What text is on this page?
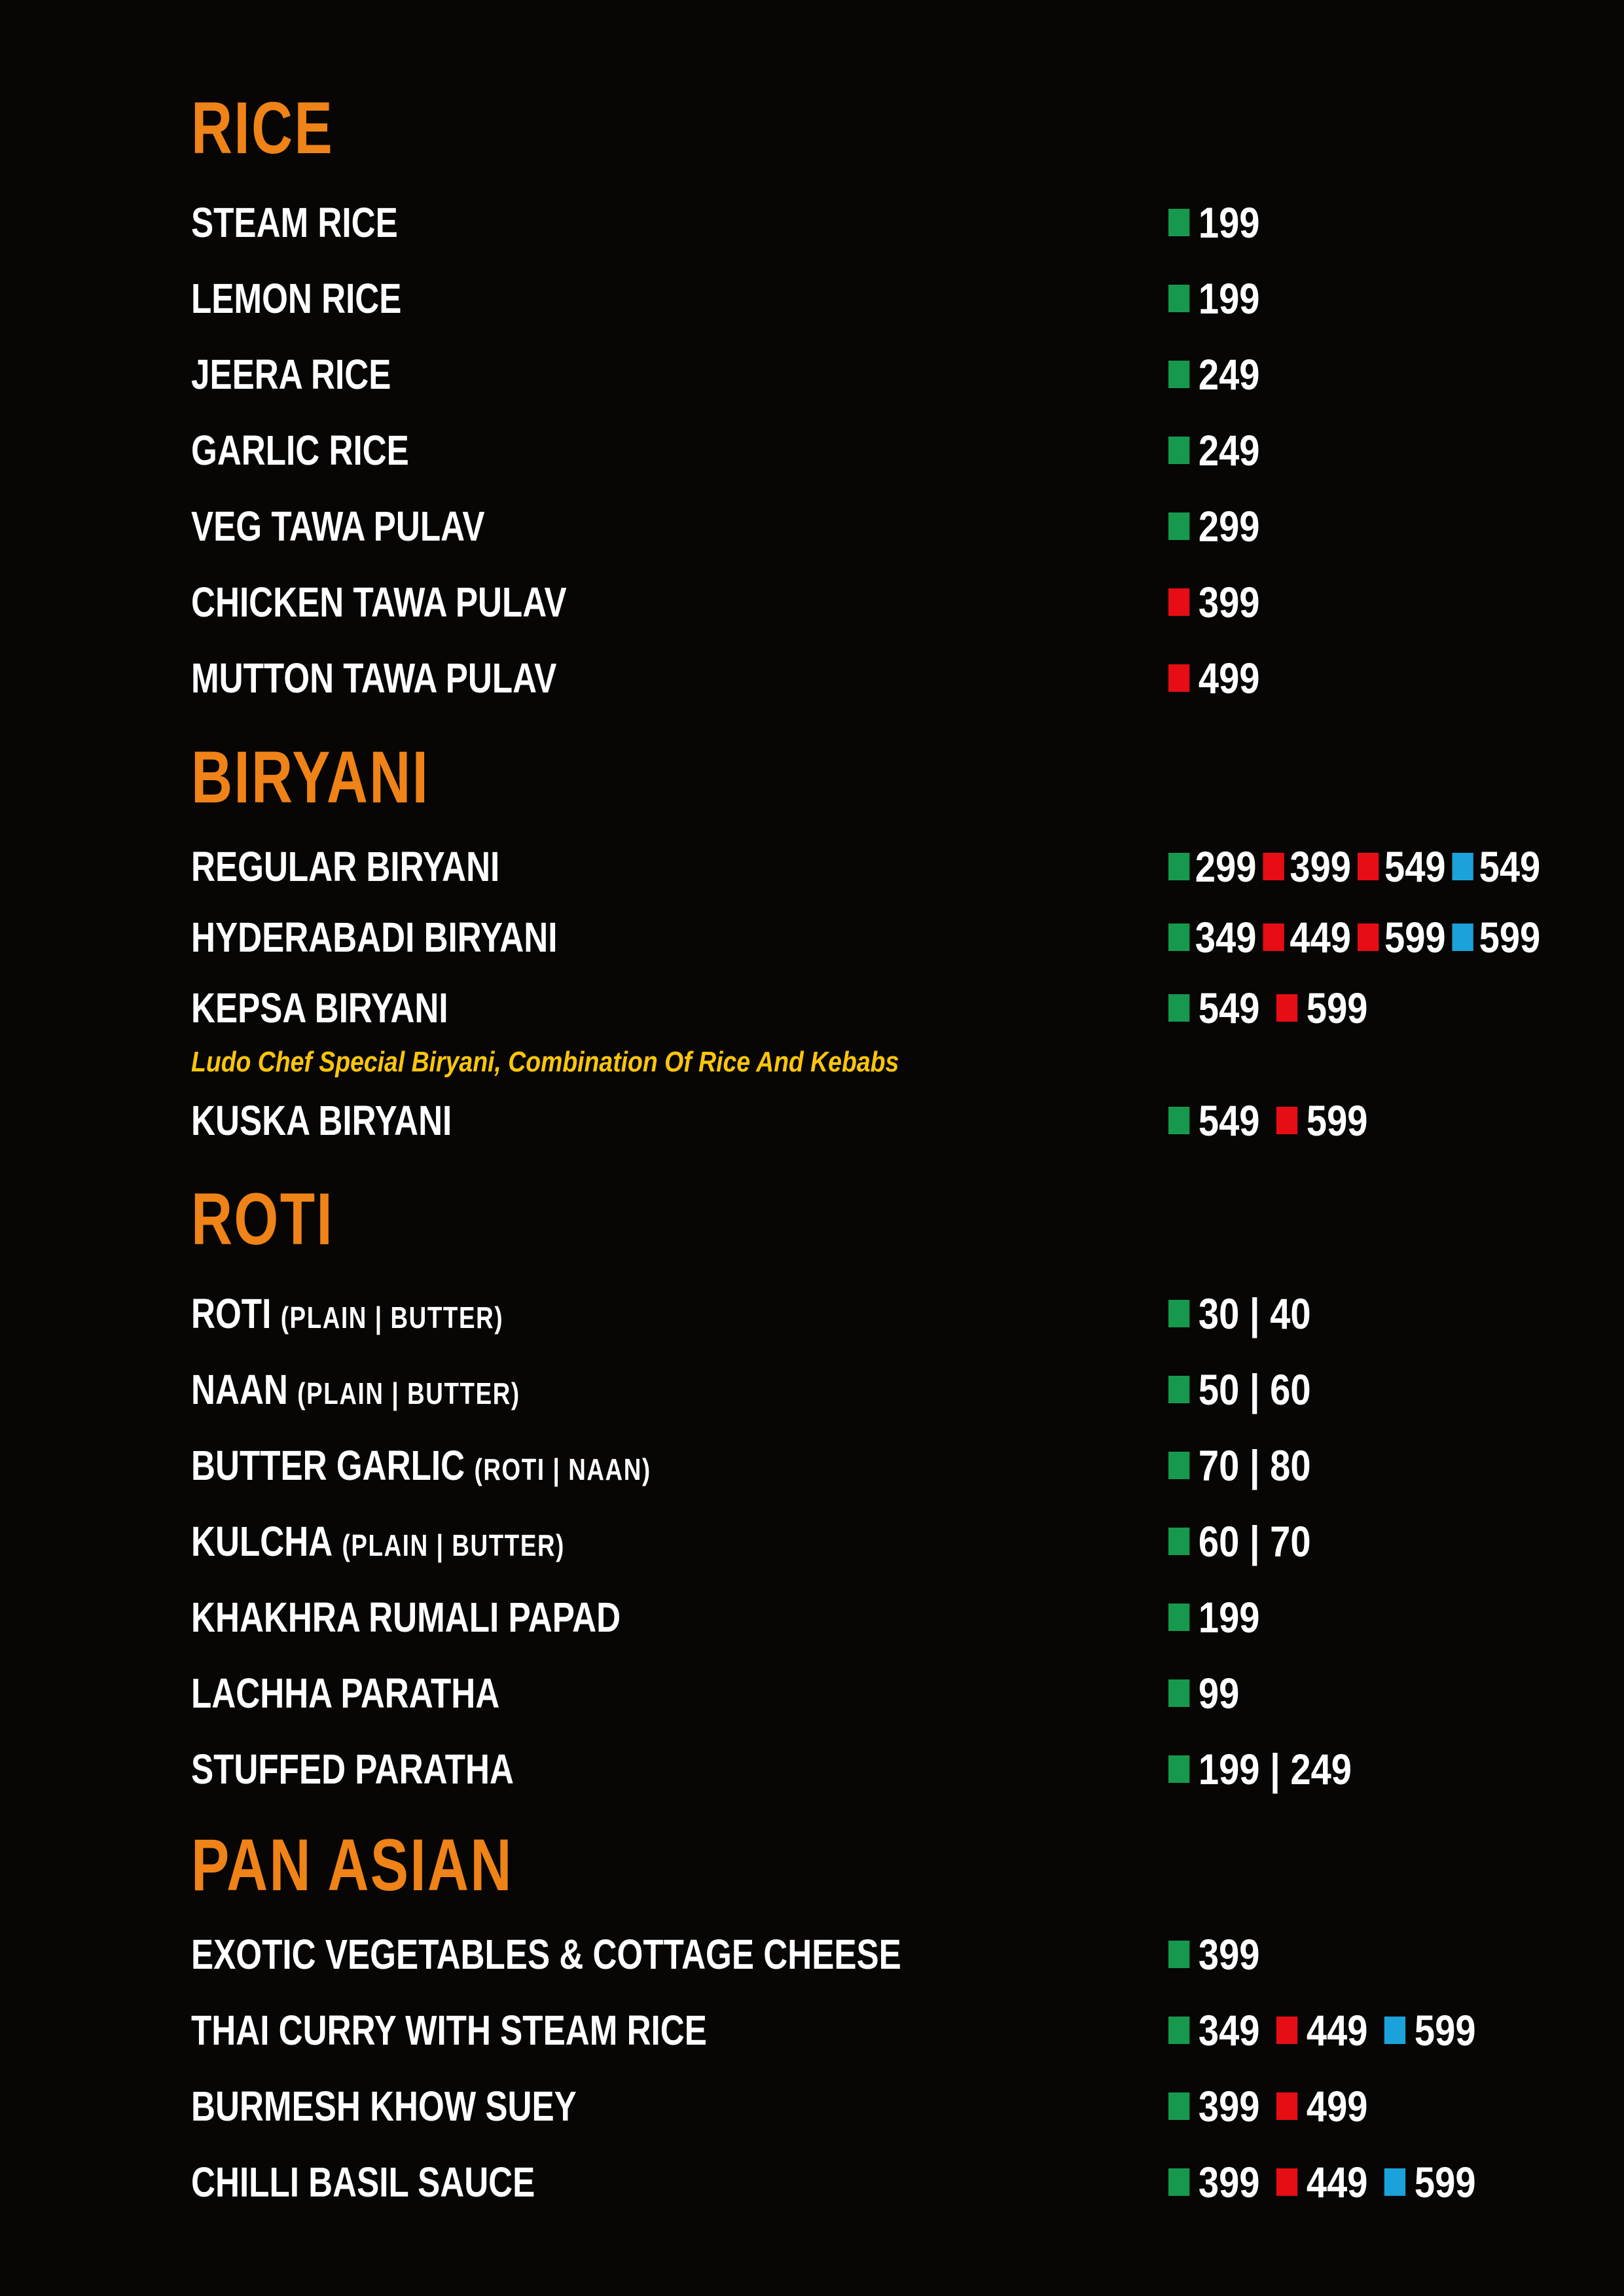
RICE
STEAM RICE	199
LEMON RICE	199
JEERA RICE	249
GARLIC RICE	249
VEG TAWA PULAV	299
CHICKEN TAWA PULAV	399
MUTTON TAWA PULAV	499
BIRYANI
REGULAR BIRYANI	299 399 549 549
HYDERABADI BIRYANI	349 449 599 599
KEPSA BIRYANI	549 599
Ludo Chef Special Biryani, Combination Of Rice And Kebabs
KUSKA BIRYANI	549 599
ROTI
ROTI (PLAIN | BUTTER)	30 | 40
NAAN (PLAIN | BUTTER)	50 | 60
BUTTER GARLIC (ROTI | NAAN)	70 | 80
KULCHA (PLAIN | BUTTER)	60 | 70
KHAKHRA RUMALI PAPAD	199
LACHHA PARATHA	99
STUFFED PARATHA	199 | 249
PAN ASIAN
EXOTIC VEGETABLES & COTTAGE CHEESE	399
THAI CURRY WITH STEAM RICE	349 449 599
BURMESH KHOW SUEY	399 499
CHILLI BASIL SAUCE	399 449 599
